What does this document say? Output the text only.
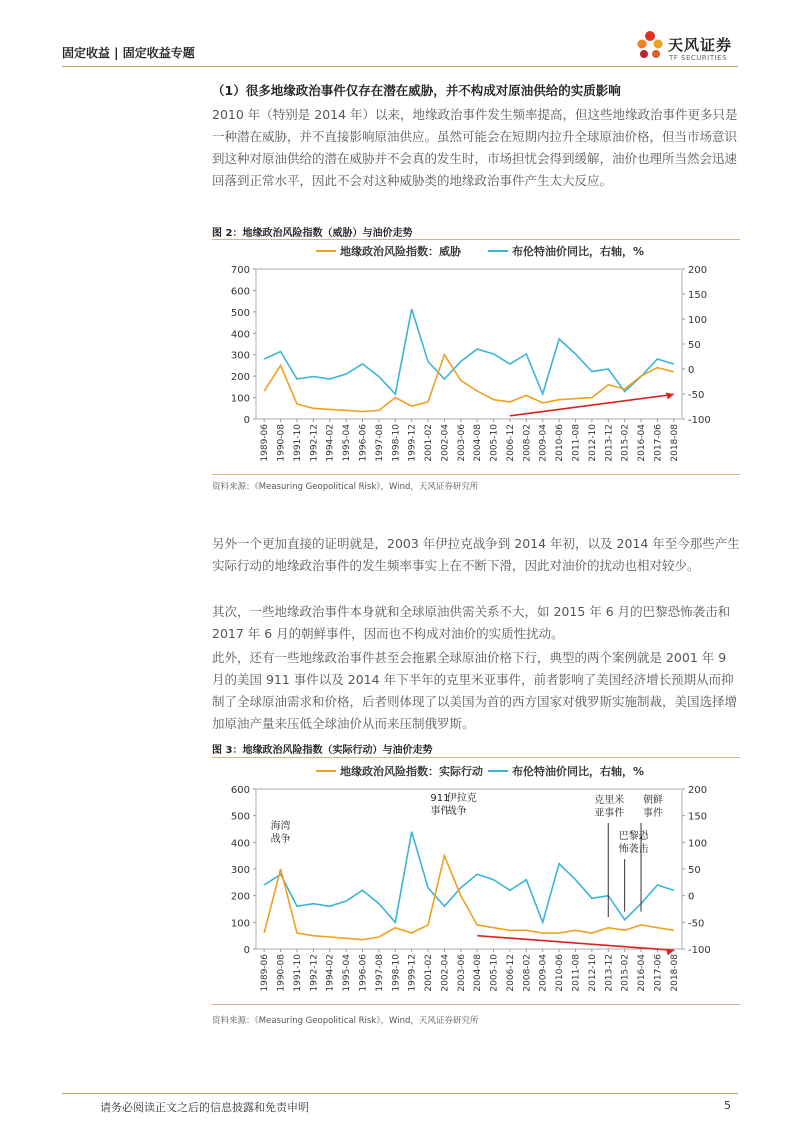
固定收益 | 固定收益专题	天风证券
TF SECURITIES
（1）很多地缘政治事件仅存在潜在威胁，并不构成对原油供给的实质影响

2010 年（特别是 2014 年）以来，地缘政治事件发生频率提高，但这些地缘政治事件更多只是一种潜在威胁，并不直接影响原油供应。虽然可能会在短期内拉升全球原油价格，但当市场意识到这种对原油供给的潜在威胁并不会真的发生时，市场担忧会得到缓解，油价也理所当然会迅速回落到正常水平，因此不会对这种威胁类的地缘政治事件产生太大反应。

图 2：地缘政治风险指数（威胁）与油价走势
地缘政治风险指数：威胁	布伦特油价同比，右轴，%
0
100
200
300
400
500
600
700
-100
-50
0
50
100
150
200
1989-06 1990-08 1991-10 1992-12 1994-02 1995-04 1996-06 1997-08 1998-10 1999-12 2001-02 2002-04 2003-06 2004-08 2005-10 2006-12 2008-02 2009-04 2010-06 2011-08 2012-10 2013-12 2015-02 2016-04 2017-06 2018-08
资料来源：《Measuring Geopolitical Risk》，Wind，天风证券研究所

另外一个更加直接的证明就是，2003 年伊拉克战争到 2014 年初，以及 2014 年至今那些产生实际行动的地缘政治事件的发生频率事实上在不断下滑，因此对油价的扰动也相对较少。

其次，一些地缘政治事件本身就和全球原油供需关系不大，如 2015 年 6 月的巴黎恐怖袭击和 2017 年 6 月的朝鲜事件，因而也不构成对油价的实质性扰动。

此外，还有一些地缘政治事件甚至会拖累全球原油价格下行，典型的两个案例就是 2001 年 9 月的美国 911 事件以及 2014 年下半年的克里米亚事件，前者影响了美国经济增长预期从而抑制了全球原油需求和价格，后者则体现了以美国为首的西方国家对俄罗斯实施制裁，美国选择增加原油产量来压低全球油价从而来压制俄罗斯。

图 3：地缘政治风险指数（实际行动）与油价走势
地缘政治风险指数：实际行动	布伦特油价同比，右轴，%
0
100
200
300
400
500
600
-100
-50
0
50
100
150
200
1989-06 1990-08 1991-10 1992-12 1994-02 1995-04 1996-06 1997-08 1998-10 1999-12 2001-02 2002-04 2003-06 2004-08 2005-10 2006-12 2008-02 2009-04 2010-06 2011-08 2012-10 2013-12 2015-02 2016-04 2017-06 2018-08
海湾
战争
911
事件
伊拉克
战争
克里米
亚事件
巴黎恐
怖袭击
朝鲜
事件
资料来源：《Measuring Geopolitical Risk》，Wind，天风证券研究所
请务必阅读正文之后的信息披露和免责申明	5
